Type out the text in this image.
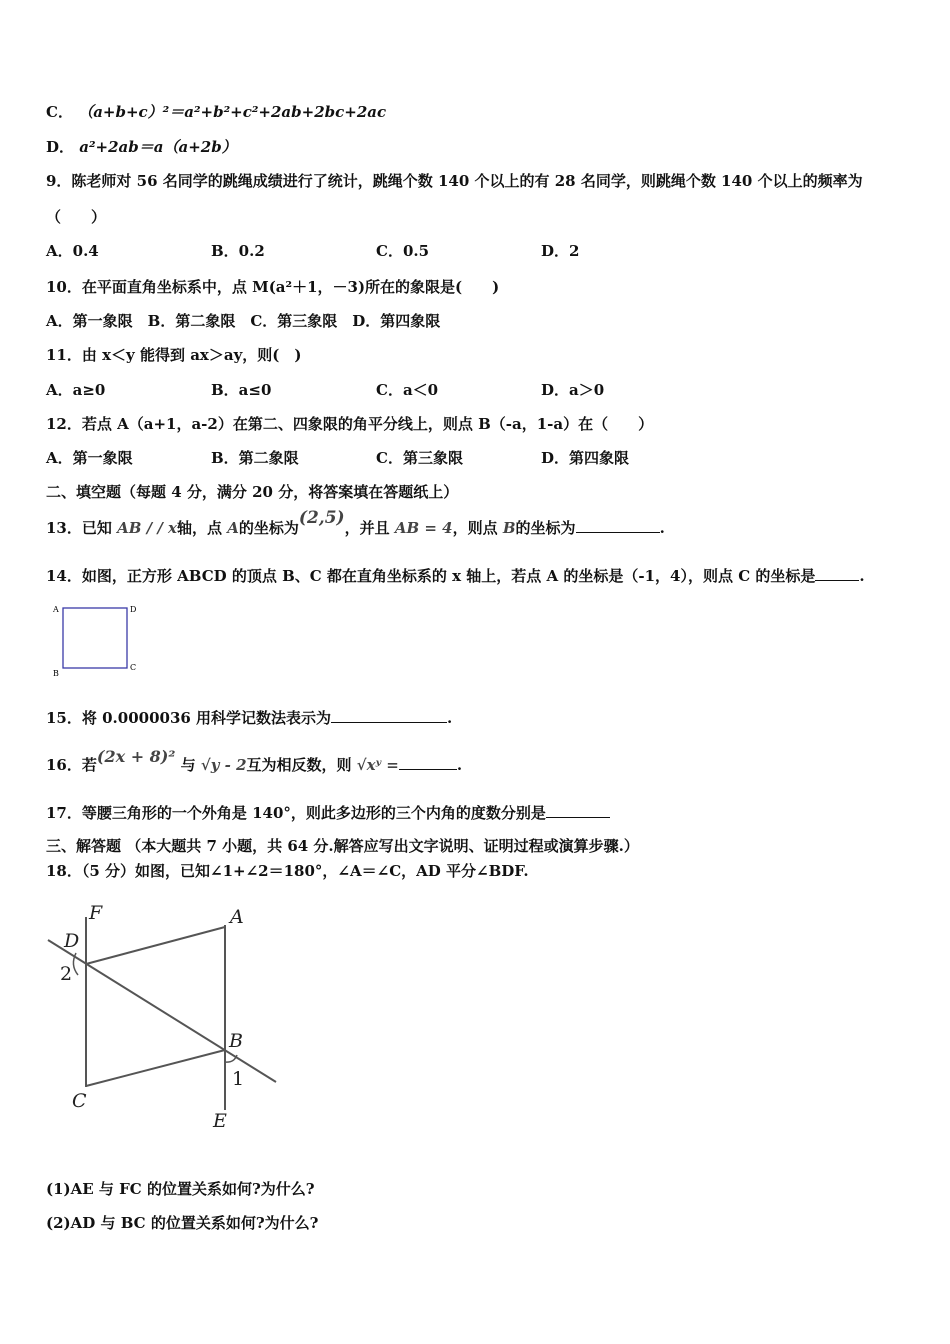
C． （a+b+c）²＝a²+b²+c²+2ab+2bc+2ac
D． a²+2ab＝a（a+2b）
9．陈老师对 56 名同学的跳绳成绩进行了统计，跳绳个数 140 个以上的有 28 名同学，则跳绳个数 140 个以上的频率为
（　　）
A．0.4	B．0.2	C．0.5	D．2
10．在平面直角坐标系中，点 M(a²＋1，－3)所在的象限是(　　)
A．第一象限　B．第二象限　C．第三象限　D．第四象限
11．由 x＜y 能得到 ax＞ay，则(　)
A．a≥0	B．a≤0	C．a＜0	D．a＞0
12．若点 A（a+1，a-2）在第二、四象限的角平分线上，则点 B（-a，1-a）在（　　）
A．第一象限	B．第二象限	C．第三象限	D．第四象限
二、填空题（每题 4 分，满分 20 分，将答案填在答题纸上）
13．已知 AB / / x轴，点 A的坐标为(2,5)，并且 AB = 4，则点 B的坐标为	.
14．如图，正方形 ABCD 的顶点 B、C 都在直角坐标系的 x 轴上，若点 A 的坐标是（-1，4），则点 C 的坐标是	.
A	D
B
C
15．将 0.0000036 用科学记数法表示为	.
16．若(2x + 8)² 与 √y - 2互为相反数，则 √xʸ =	.
17．等腰三角形的一个外角是 140°，则此多边形的三个内角的度数分别是
三、解答题 （本大题共 7 小题，共 64 分.解答应写出文字说明、证明过程或演算步骤.）
18．（5 分）如图，已知∠1+∠2＝180°，∠A＝∠C，AD 平分∠BDF.
F	A
D
2
B
1
C
E
(1)AE 与 FC 的位置关系如何?为什么?
(2)AD 与 BC 的位置关系如何?为什么?
